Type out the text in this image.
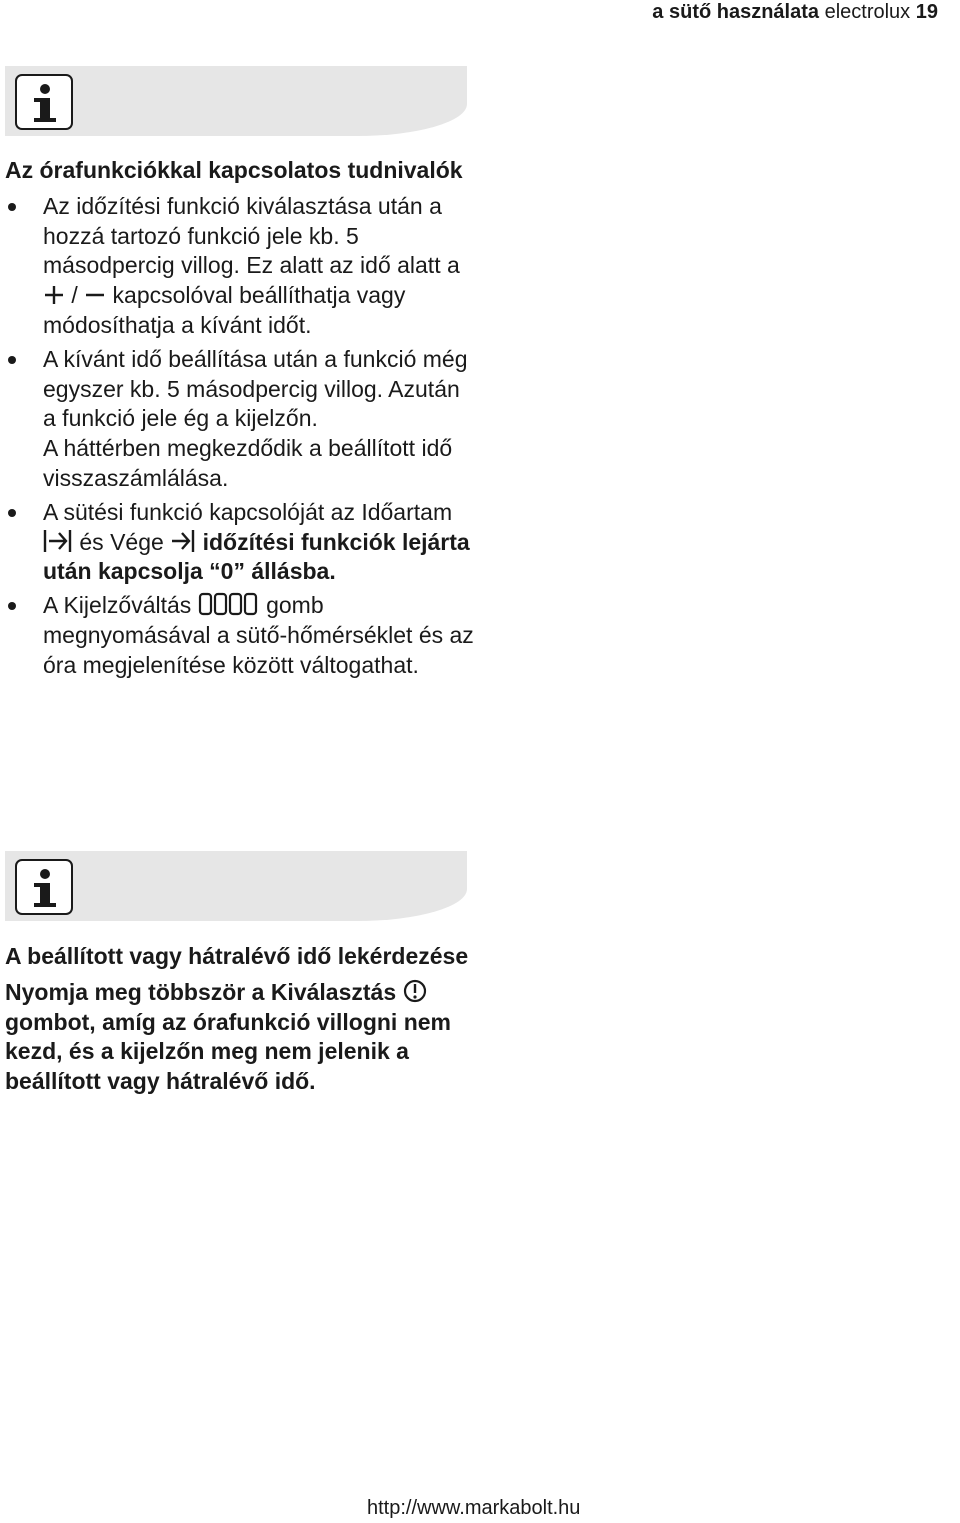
a sütő használata electrolux 19
Az órafunkciókkal kapcsolatos tudnivalók
Az időzítési funkció kiválasztása után a hozzá tartozó funkció jele kb. 5 másodpercig villog. Ez alatt az idő alatt a  /  kapcsolóval beállíthatja vagy módosíthatja a kívánt időt.

A kívánt idő beállítása után a funkció még egyszer kb. 5 másodpercig villog. Azután a funkció jele ég a kijelzőn.

A háttérben megkezdődik a beállított idő visszaszámlálása.

A sütési funkció kapcsolóját az Időartam  és Vége  időzítési funkciók lejárta után kapcsolja “0” állásba.
A Kijelzőváltás	gomb megnyomásával a sütő-hőmérséklet és az óra megjelenítése között váltogathat.
A beállított vagy hátralévő idő lekérdezése

Nyomja meg többször a Kiválasztás  gombot, amíg az órafunkció villogni nem kezd, és a kijelzőn meg nem jelenik a beállított vagy hátralévő idő.

http://www.markabolt.hu
